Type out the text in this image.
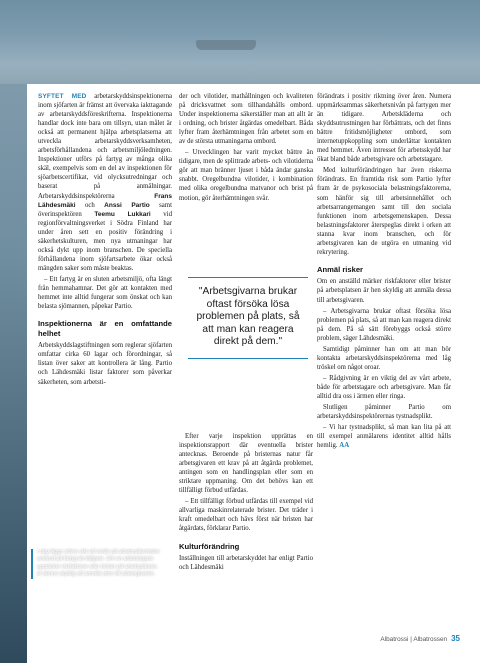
SYFTET MED arbetarskyddsinspektionerna inom sjöfarten är främst att övervaka iakttagande av arbetarskyddsföreskrifterna. Inspektionerna handlar dock inte bara om tillsyn, utan målet är också att permanent hjälpa arbetsplatserna att utveckla arbetarskyddsverksamheten, arbetsförhållandena och arbetsmiljöledningen. Inspektioner utförs på fartyg av många olika skäl, exempelvis som en del av inspektionen för sjöarbetscertifikat, vid olycksutredningar och baserat på anmälningar. Arbetarskyddsinspektörerna Frans Lähdesmäki och Anssi Partio samt överinspektören Teemu Lukkari vid regionförvaltningsverket i Södra Finland har under åren sett en positiv förändring i säkerhetskulturen, men nya utmaningar har också dykt upp inom branschen. De speciella förhållandena inom sjöfartsarbete ökar också mängden saker som måste beaktas.

– Ett fartyg är en sluten arbetsmiljö, ofta längt från hemmahamnar. Det gör att kontakten med hemmet inte alltid fungerar som önskat och kan belasta sjömannen, påpekar Partio.

Inspektionerna är en omfattande helhet

Arbetskyddslagstiftningen som reglerar sjöfarten omfattar cirka 60 lagar och förordningar, så listan över saker att kontrollera är lång. Partio och Lähdesmäki listar faktorer som påverkar säkerheten, som arbetsti-

der och vilotider, mathållningen och kvaliteten på dricksvattnet som tillhandahålls ombord. Under inspektionerna säkerställer man att allt är i ordning, och brister åtgärdas omedelbart. Båda lyfter fram återhämtningen från arbetet som en av de största utmaningarna ombord.

– Utvecklingen har varit mycket bättre än tidigare, men de splittrade arbets- och vilotiderna gör att man bränner ljuset i båda ändar ganska snabbt. Oregelbundna vilotider, i kombination med olika oregelbundna matvanor och brist på motion, gör återhämtningen svår.

"Arbetsgivarna brukar oftast försöka lösa problemen på plats, så att man kan reagera direkt på dem."

Efter varje inspektion upprättas en inspektionsrapport där eventuella brister antecknas. Beroende på bristernas natur får arbetsgivaren ett krav på att åtgärda problemet, antingen som en handlingsplan eller som en striktare uppmaning. Om det behövs kan ett tillfälligt förbud utfärdas.

– Ett tillfälligt förbud utfärdas till exempel vid allvarliga maskinrelaterade brister. Det träder i kraft omedelbart och hävs först när bristen har åtgärdats, förklarar Partio.

Kulturförändring

Inställningen till arbetarskyddet har enligt Partio och Lähdesmäki

förändrats i positiv riktning över åren. Numera uppmärksammas säkerhetsnivån på fartygen mer än tidigare. Arbetskläderna och skyddsutrustningen har förbättrats, och det finns bättre fritidsmöjligheter ombord, som internetuppkoppling som underlättar kontakten med hemmet. Även intresset för arbetsskydd har ökat bland både arbetsgivare och arbetstagare.

Med kulturförändringen har även riskerna förändrats. En framtida risk som Partio lyfter fram är de psykosociala belastningsfaktorerna, som hänför sig till arbetsinnehållet och arbetsarrangemangen samt till den sociala funktionen inom arbetsgemenskapen. Dessa belastningsfaktorer återspeglas direkt i orken att stanna kvar inom branschen, och för arbetsgivaren kan de utgöra en utmaning vid rekrytering.

Anmäl risker

Om en anställd märker riskfaktorer eller brister på arbetsplatsen är hen skyldig att anmäla dessa till arbetsgivaren.

– Arbetsgivarna brukar oftast försöka lösa problemen på plats, så att man kan reagera direkt på dem. På så sätt förebyggs också större problem, säger Lähdesmäki.

Samtidigt påminner han om att man bör kontakta arbetarskyddsinspektörerna med låg tröskel om något oroar.

– Rådgivning är en viktig del av vårt arbete, både för arbetstagare och arbetsgivare. Man får alltid dra oss i ärmen eller ringa.

Slutligen påminner Partio om arbetarskyddsinspektörernas tystnadsplikt.

– Vi har tystnadsplikt, så man kan lita på att till exempel anmälarens identitet alltid hålls hemlig. AA

I dag läggs större vikt vid nivån på arbetssäkerheten ombord på fartyg än tidigare. Om en arbetstagare upptäcker riskfaktorer eller brister på arbetsplatsen, är denne skyldig att anmäla dem till arbetsgivaren.
Albatrossi | Albatrossen 35
